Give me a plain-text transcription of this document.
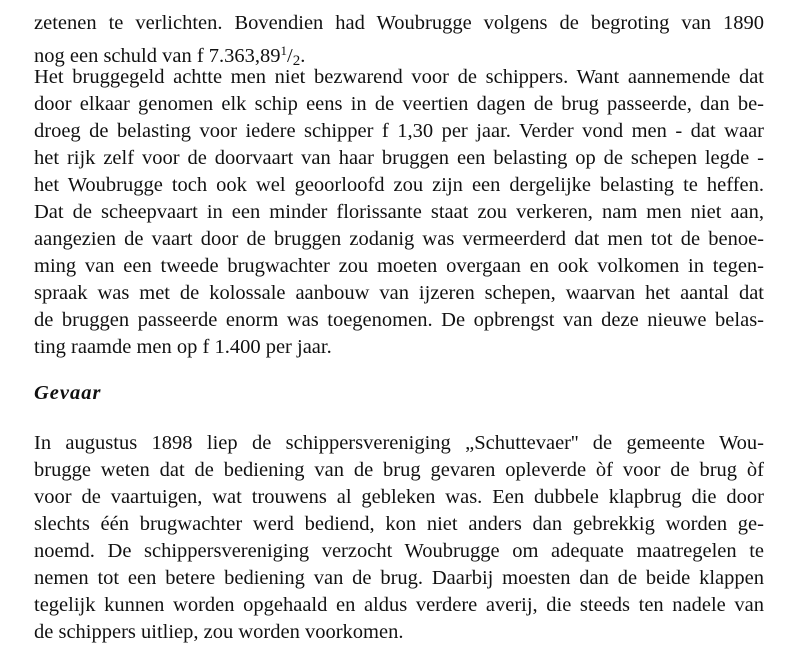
zetenen te verlichten. Bovendien had Woubrugge volgens de begroting van 1890
nog een schuld van f 7.363,89$^1$/2.
Het bruggegeld achtte men niet bezwarend voor de schippers. Want aannemende dat
door elkaar genomen elk schip eens in de veertien dagen de brug passeerde, dan be-
droeg de belasting voor iedere schipper f 1,30 per jaar. Verder vond men - dat waar
het rijk zelf voor de doorvaart van haar bruggen een belasting op de schepen legde -
het Woubrugge toch ook wel geoorloofd zou zijn een dergelijke belasting te heffen.
Dat de scheepvaart in een minder florissante staat zou verkeren, nam men niet aan,
aangezien de vaart door de bruggen zodanig was vermeerderd dat men tot de benoe-
ming van een tweede brugwachter zou moeten overgaan en ook volkomen in tegen-
spraak was met de kolossale aanbouw van ijzeren schepen, waarvan het aantal dat
de bruggen passeerde enorm was toegenomen. De opbrengst van deze nieuwe belas-
ting raamde men op f 1.400 per jaar.
Gevaar
In augustus 1898 liep de schippersvereniging „Schuttevaer'' de gemeente Wou-
brugge weten dat de bediening van de brug gevaren opleverde òf voor de brug òf
voor de vaartuigen, wat trouwens al gebleken was. Een dubbele klapbrug die door
slechts één brugwachter werd bediend, kon niet anders dan gebrekkig worden ge-
noemd. De schippersvereniging verzocht Woubrugge om adequate maatregelen te
nemen tot een betere bediening van de brug. Daarbij moesten dan de beide klappen
tegelijk kunnen worden opgehaald en aldus verdere averij, die steeds ten nadele van
de schippers uitliep, zou worden voorkomen.
